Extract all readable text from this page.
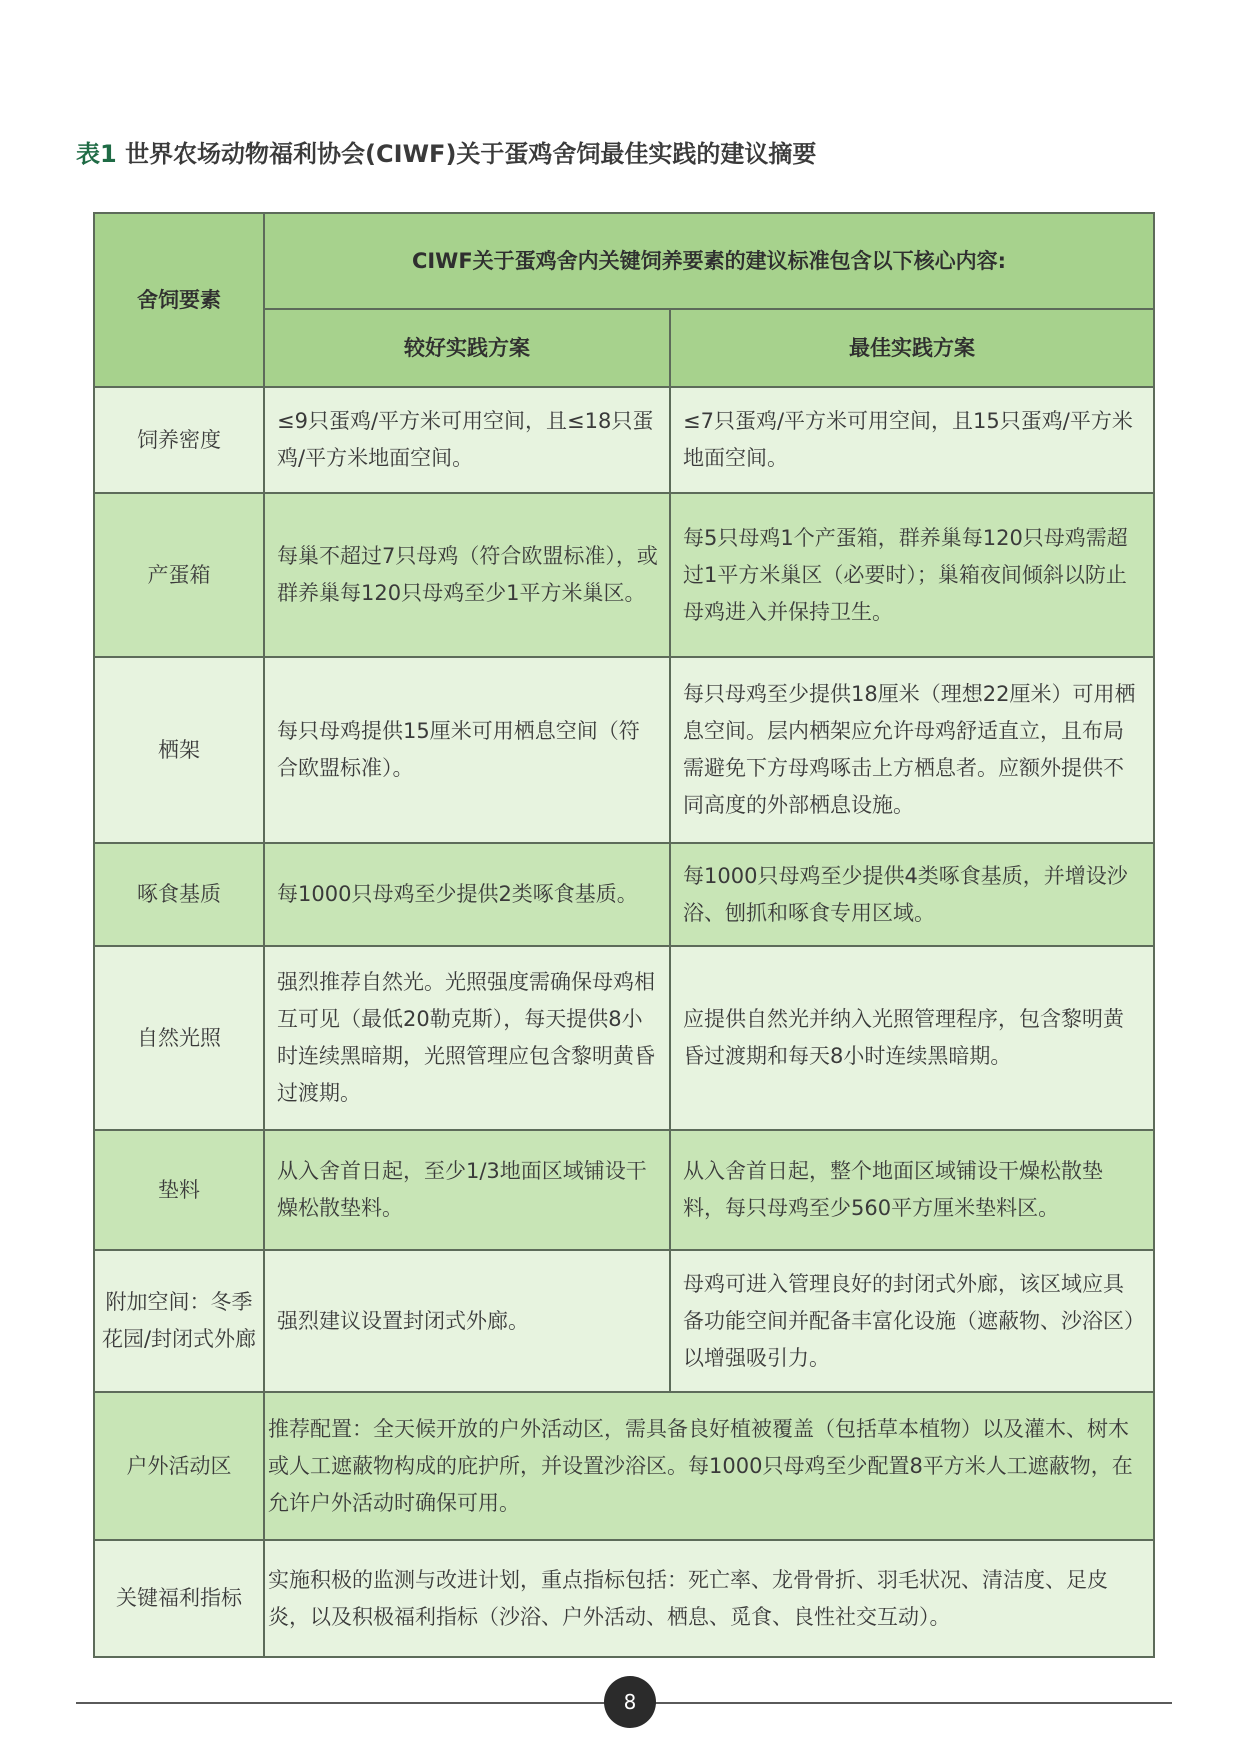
表1 世界农场动物福利协会(CIWF)关于蛋鸡舍饲最佳实践的建议摘要
舍饲要素	CIWF关于蛋鸡舍内关键饲养要素的建议标准包含以下核心内容:	
	较好实践方案	最佳实践方案
饲养密度	≤9只蛋鸡/平方米可用空间，且≤18只蛋鸡/平方米地面空间。	≤7只蛋鸡/平方米可用空间，且15只蛋鸡/平方米地面空间。
产蛋箱	每巢不超过7只母鸡（符合欧盟标准），或群养巢每120只母鸡至少1平方米巢区。	每5只母鸡1个产蛋箱，群养巢每120只母鸡需超过1平方米巢区（必要时）；巢箱夜间倾斜以防止母鸡进入并保持卫生。
栖架	每只母鸡提供15厘米可用栖息空间（符合欧盟标准）。	每只母鸡至少提供18厘米（理想22厘米）可用栖息空间。层内栖架应允许母鸡舒适直立，且布局需避免下方母鸡啄击上方栖息者。应额外提供不同高度的外部栖息设施。
啄食基质	每1000只母鸡至少提供2类啄食基质。	每1000只母鸡至少提供4类啄食基质，并增设沙浴、刨抓和啄食专用区域。
自然光照	强烈推荐自然光。光照强度需确保母鸡相互可见（最低20勒克斯），每天提供8小时连续黑暗期，光照管理应包含黎明黄昏过渡期。	应提供自然光并纳入光照管理程序，包含黎明黄昏过渡期和每天8小时连续黑暗期。
垫料	从入舍首日起，至少1/3地面区域铺设干燥松散垫料。	从入舍首日起，整个地面区域铺设干燥松散垫料，每只母鸡至少560平方厘米垫料区。
附加空间：冬季花园/封闭式外廊	强烈建议设置封闭式外廊。	母鸡可进入管理良好的封闭式外廊，该区域应具备功能空间并配备丰富化设施（遮蔽物、沙浴区）以增强吸引力。
户外活动区	推荐配置：全天候开放的户外活动区，需具备良好植被覆盖（包括草本植物）以及灌木、树木或人工遮蔽物构成的庇护所，并设置沙浴区。每1000只母鸡至少配置8平方米人工遮蔽物，在允许户外活动时确保可用。	
关键福利指标	实施积极的监测与改进计划，重点指标包括：死亡率、龙骨骨折、羽毛状况、清洁度、足皮炎，以及积极福利指标（沙浴、户外活动、栖息、觅食、良性社交互动）。	
8
